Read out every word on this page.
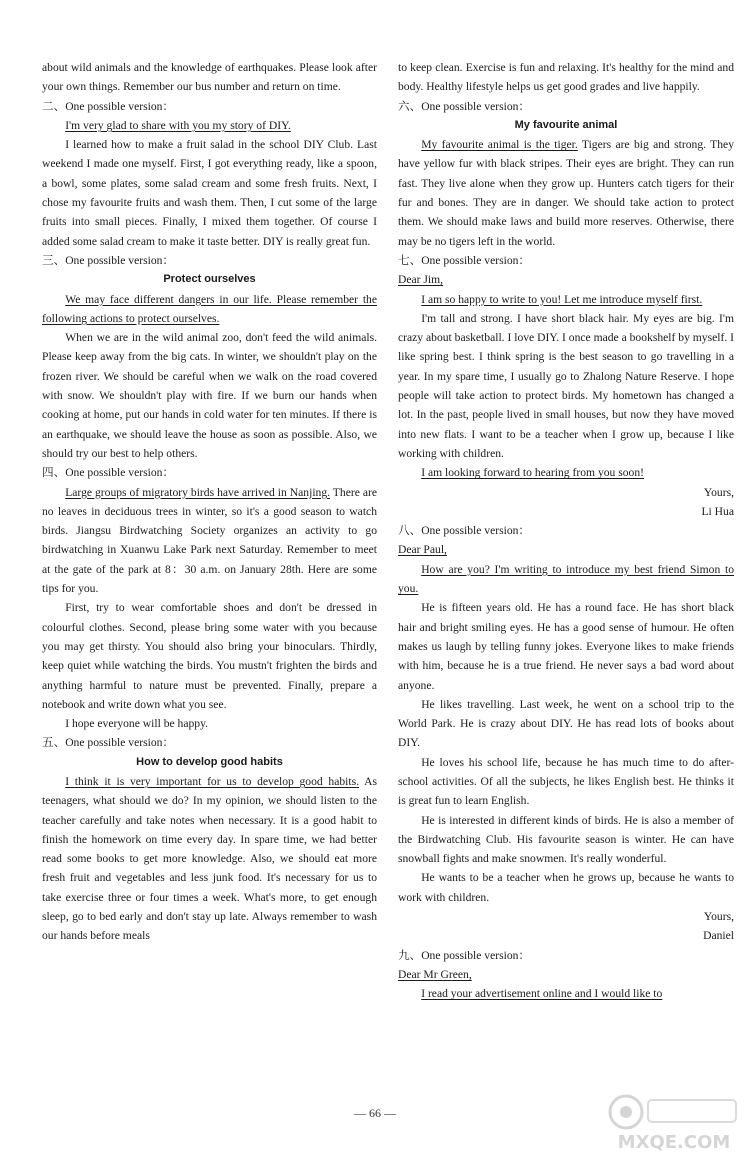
about wild animals and the knowledge of earthquakes. Please look after your own things. Remember our bus number and return on time.

二、One possible version：

I'm very glad to share with you my story of DIY.

I learned how to make a fruit salad in the school DIY Club. Last weekend I made one myself. First, I got everything ready, like a spoon, a bowl, some plates, some salad cream and some fresh fruits. Next, I chose my favourite fruits and wash them. Then, I cut some of the large fruits into small pieces. Finally, I mixed them together. Of course I added some salad cream to make it taste better. DIY is really great fun.

三、One possible version：

Protect ourselves

We may face different dangers in our life. Please remember the following actions to protect ourselves.

When we are in the wild animal zoo, don't feed the wild animals. Please keep away from the big cats. In winter, we shouldn't play on the frozen river. We should be careful when we walk on the road covered with snow. We shouldn't play with fire. If we burn our hands when cooking at home, put our hands in cold water for ten minutes. If there is an earthquake, we should leave the house as soon as possible. Also, we should try our best to help others.

四、One possible version：

Large groups of migratory birds have arrived in Nanjing. There are no leaves in deciduous trees in winter, so it's a good season to watch birds. Jiangsu Birdwatching Society organizes an activity to go birdwatching in Xuanwu Lake Park next Saturday. Remember to meet at the gate of the park at 8：30 a.m. on January 28th. Here are some tips for you.

First, try to wear comfortable shoes and don't be dressed in colourful clothes. Second, please bring some water with you because you may get thirsty. You should also bring your binoculars. Thirdly, keep quiet while watching the birds. You mustn't frighten the birds and anything harmful to nature must be prevented. Finally, prepare a notebook and write down what you see.

I hope everyone will be happy.

五、One possible version：

How to develop good habits

I think it is very important for us to develop good habits. As teenagers, what should we do? In my opinion, we should listen to the teacher carefully and take notes when necessary. It is a good habit to finish the homework on time every day. In spare time, we had better read some books to get more knowledge. Also, we should eat more fresh fruit and vegetables and less junk food. It's necessary for us to take exercise three or four times a week. What's more, to get enough sleep, go to bed early and don't stay up late. Always remember to wash our hands before meals

to keep clean. Exercise is fun and relaxing. It's healthy for the mind and body. Healthy lifestyle helps us get good grades and live happily.

六、One possible version：

My favourite animal

My favourite animal is the tiger. Tigers are big and strong. They have yellow fur with black stripes. Their eyes are bright. They can run fast. They live alone when they grow up. Hunters catch tigers for their fur and bones. They are in danger. We should take action to protect them. We should make laws and build more reserves. Otherwise, there may be no tigers left in the world.

七、One possible version：

Dear Jim,

I am so happy to write to you! Let me introduce myself first.

I'm tall and strong. I have short black hair. My eyes are big. I'm crazy about basketball. I love DIY. I once made a bookshelf by myself. I like spring best. I think spring is the best season to go travelling in a year. In my spare time, I usually go to Zhalong Nature Reserve. I hope people will take action to protect birds. My hometown has changed a lot. In the past, people lived in small houses, but now they have moved into new flats. I want to be a teacher when I grow up, because I like working with children.

I am looking forward to hearing from you soon!

Yours,

Li Hua

八、One possible version：

Dear Paul,

How are you? I'm writing to introduce my best friend Simon to you.

He is fifteen years old. He has a round face. He has short black hair and bright smiling eyes. He has a good sense of humour. He often makes us laugh by telling funny jokes. Everyone likes to make friends with him, because he is a true friend. He never says a bad word about anyone.

He likes travelling. Last week, he went on a school trip to the World Park. He is crazy about DIY. He has read lots of books about DIY.

He loves his school life, because he has much time to do after-school activities. Of all the subjects, he likes English best. He thinks it is great fun to learn English.

He is interested in different kinds of birds. He is also a member of the Birdwatching Club. His favourite season is winter. He can have snowball fights and make snowmen. It's really wonderful.

He wants to be a teacher when he grows up, because he wants to work with children.

Yours,

Daniel

九、One possible version：

Dear Mr Green,

I read your advertisement online and I would like to

— 66 —
MXQE.COM
